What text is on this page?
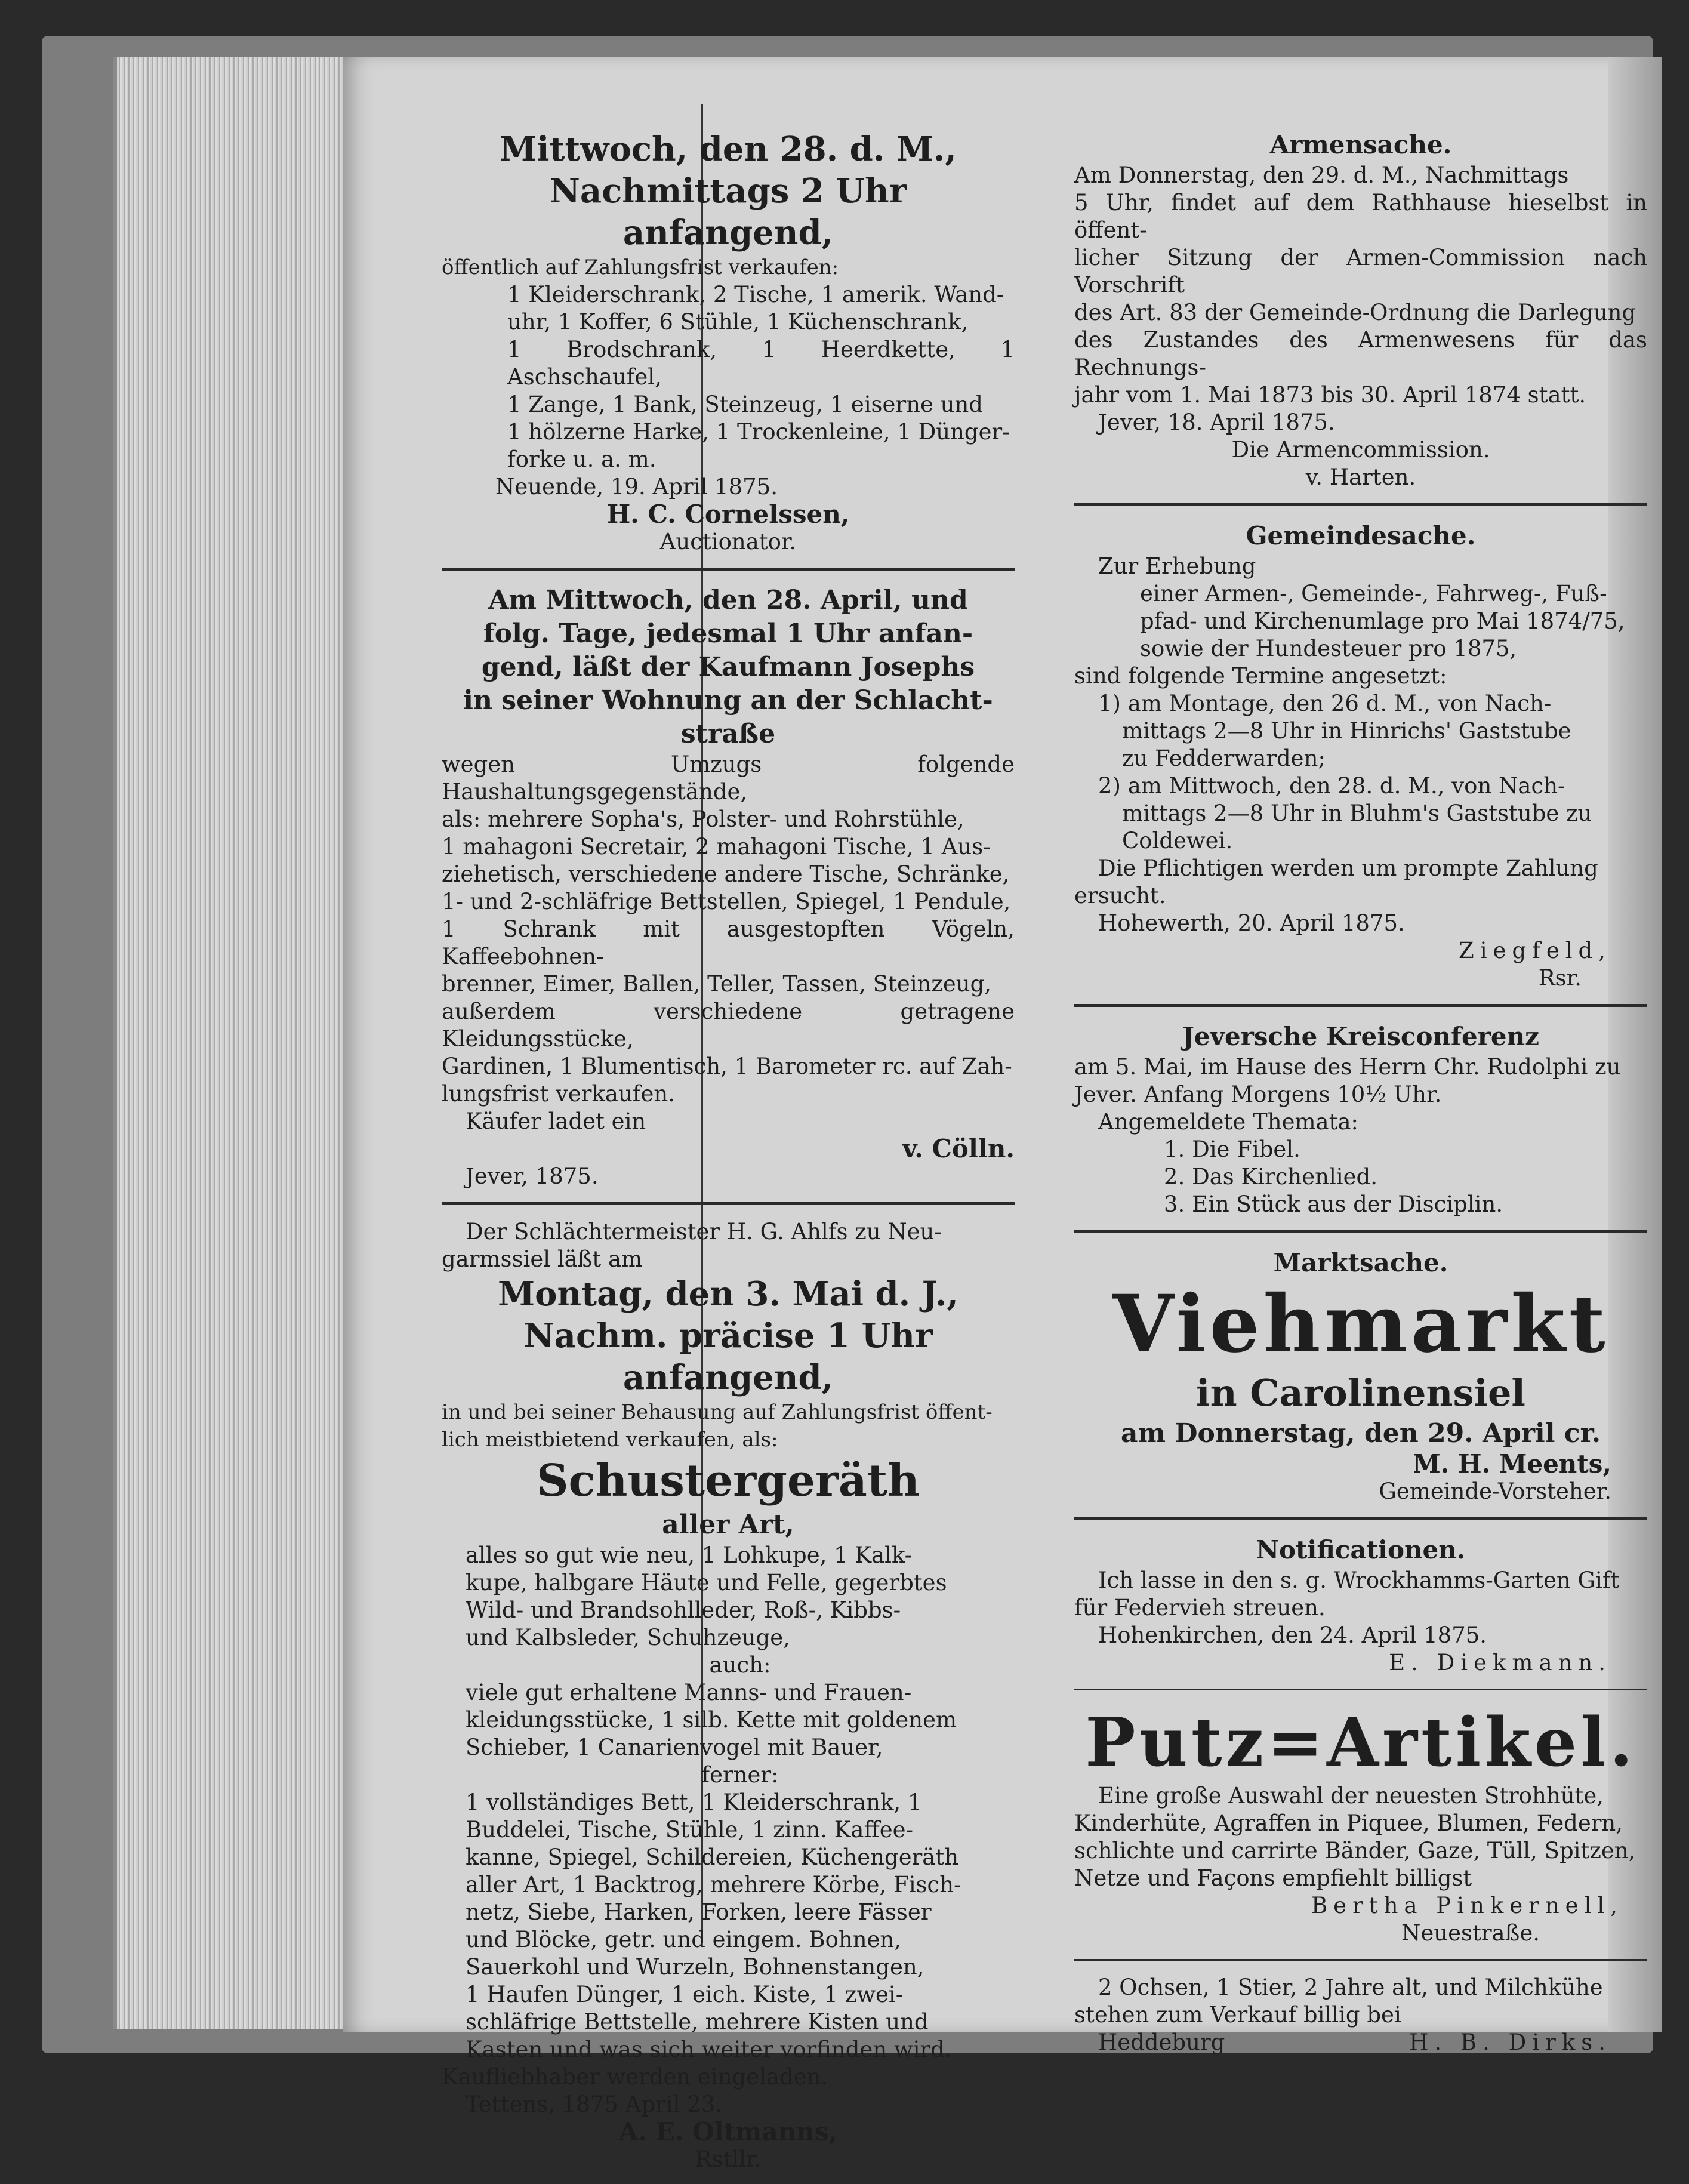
Mittwoch, den 28. d. M.,

Nachmittags 2 Uhr anfangend,

öffentlich auf Zahlungsfrist verkaufen:

1 Kleiderschrank, 2 Tische, 1 amerik. Wand-

uhr, 1 Koffer, 6 Stühle, 1 Küchenschrank,

1 Brodschrank, 1 Heerdkette, 1 Aschschaufel,

1 Zange, 1 Bank, Steinzeug, 1 eiserne und

1 hölzerne Harke, 1 Trockenleine, 1 Dünger-

forke u. a. m.

Neuende, 19. April 1875.

H. C. Cornelssen,

Auctionator.

Am Mittwoch, den 28. April, und

folg. Tage, jedesmal 1 Uhr anfan-

gend, läßt der Kaufmann Josephs

in seiner Wohnung an der Schlacht-

straße

wegen Umzugs folgende Haushaltungsgegenstände,

als: mehrere Sopha's, Polster- und Rohrstühle,

1 mahagoni Secretair, 2 mahagoni Tische, 1 Aus-

ziehetisch, verschiedene andere Tische, Schränke,

1- und 2-schläfrige Bettstellen, Spiegel, 1 Pendule,

1 Schrank mit ausgestopften Vögeln, Kaffeebohnen-

brenner, Eimer, Ballen, Teller, Tassen, Steinzeug,

außerdem verschiedene getragene Kleidungsstücke,

Gardinen, 1 Blumentisch, 1 Barometer rc. auf Zah-

lungsfrist verkaufen.

Käufer ladet ein

v. Cölln.

Jever, 1875.

Der Schlächtermeister H. G. Ahlfs zu Neu-

garmssiel läßt am

Montag, den 3. Mai d. J.,

Nachm. präcise 1 Uhr anfangend,

in und bei seiner Behausung auf Zahlungsfrist öffent-

lich meistbietend verkaufen, als:

Schustergeräth

aller Art,

alles so gut wie neu, 1 Lohkupe, 1 Kalk-

kupe, halbgare Häute und Felle, gegerbtes

Wild- und Brandsohlleder, Roß-, Kibbs-

und Kalbsleder, Schuhzeuge,

auch:

viele gut erhaltene Manns- und Frauen-

kleidungsstücke, 1 silb. Kette mit goldenem

Schieber, 1 Canarienvogel mit Bauer,

ferner:

1 vollständiges Bett, 1 Kleiderschrank, 1

Buddelei, Tische, Stühle, 1 zinn. Kaffee-

kanne, Spiegel, Schildereien, Küchengeräth

aller Art, 1 Backtrog, mehrere Körbe, Fisch-

netz, Siebe, Harken, Forken, leere Fässer

und Blöcke, getr. und eingem. Bohnen,

Sauerkohl und Wurzeln, Bohnenstangen,

1 Haufen Dünger, 1 eich. Kiste, 1 zwei-

schläfrige Bettstelle, mehrere Kisten und

Kasten und was sich weiter vorfinden wird.

Kaufliebhaber werden eingeladen.

Tettens, 1875 April 23.

A. E. Oltmanns,

Rstllr.

Armensache.

Am Donnerstag, den 29. d. M., Nachmittags

5 Uhr, findet auf dem Rathhause hieselbst in öffent-

licher Sitzung der Armen-Commission nach Vorschrift

des Art. 83 der Gemeinde-Ordnung die Darlegung

des Zustandes des Armenwesens für das Rechnungs-

jahr vom 1. Mai 1873 bis 30. April 1874 statt.

Jever, 18. April 1875.

Die Armencommission.

v. Harten.

Gemeindesache.

Zur Erhebung

einer Armen-, Gemeinde-, Fahrweg-, Fuß-

pfad- und Kirchenumlage pro Mai 1874/75,

sowie der Hundesteuer pro 1875,

sind folgende Termine angesetzt:

1) am Montage, den 26 d. M., von Nach-

mittags 2—8 Uhr in Hinrichs' Gaststube

zu Fedderwarden;

2) am Mittwoch, den 28. d. M., von Nach-

mittags 2—8 Uhr in Bluhm's Gaststube zu

Coldewei.

Die Pflichtigen werden um prompte Zahlung

ersucht.

Hohewerth, 20. April 1875.

Ziegfeld,

Rsr.

Jeversche Kreisconferenz

am 5. Mai, im Hause des Herrn Chr. Rudolphi zu

Jever. Anfang Morgens 10½ Uhr.

Angemeldete Themata:

1. Die Fibel.

2. Das Kirchenlied.

3. Ein Stück aus der Disciplin.

Marktsache.

Viehmarkt

in Carolinensiel

am Donnerstag, den 29. April cr.

M. H. Meents,

Gemeinde-Vorsteher.

Notificationen.

Ich lasse in den s. g. Wrockhamms-Garten Gift

für Federvieh streuen.

Hohenkirchen, den 24. April 1875.

E. Diekmann.

Putz=Artikel.

Eine große Auswahl der neuesten Strohhüte,

Kinderhüte, Agraffen in Piquee, Blumen, Federn,

schlichte und carrirte Bänder, Gaze, Tüll, Spitzen,

Netze und Façons empfiehlt billigst

Bertha Pinkernell,

Neuestraße.

2 Ochsen, 1 Stier, 2 Jahre alt, und Milchkühe

stehen zum Verkauf billig bei

Heddeburg	H. B. Dirks.
